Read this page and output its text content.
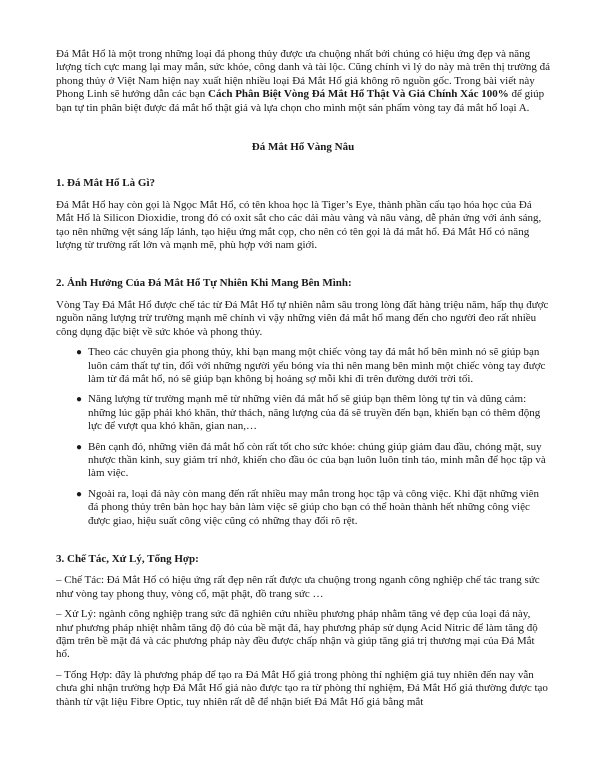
Đá Mắt Hổ là một trong những loại đá phong thủy được ưa chuộng nhất bởi chúng có hiệu ứng đẹp và năng lượng tích cực mang lại may mắn, sức khỏe, công danh và tài lộc. Cũng chính vì lý do này mà trên thị trường đá phong thủy ở Việt Nam hiện nay xuất hiện nhiều loại Đá Mắt Hổ giả không rõ nguồn gốc. Trong bài viết này Phong Linh sẽ hướng dẫn các bạn Cách Phân Biệt Vòng Đá Mắt Hổ Thật Và Giả Chính Xác 100% để giúp bạn tự tin phân biệt được đá mắt hổ thật giả và lựa chọn cho mình một sản phẩm vòng tay đá mắt hổ loại A.

Đá Mắt Hổ Vàng Nâu

1. Đá Mắt Hổ Là Gì?

Đá Mắt Hổ hay còn gọi là Ngọc Mắt Hổ, có tên khoa học là Tiger’s Eye, thành phần cấu tạo hóa học của Đá Mắt Hổ là Silicon Dioxidie, trong đó có oxit sắt cho các dải màu vàng và nâu vàng, dễ phản ứng với ánh sáng, tạo nên những vệt sáng lấp lánh, tạo hiệu ứng mắt cọp, cho nên có tên gọi là đá mắt hổ. Đá Mắt Hổ có năng lượng từ trường rất lớn và mạnh mẽ, phù hợp với nam giới.

2. Ảnh Hưởng Của Đá Mắt Hổ Tự Nhiên Khi Mang Bên Mình:

Vòng Tay Đá Mắt Hổ được chế tác từ Đá Mắt Hổ tự nhiên nằm sâu trong lòng đất hàng triệu năm, hấp thụ được nguồn năng lượng trừ trường mạnh mẽ chính vì vậy những viên đá mắt hổ mang đến cho người đeo rất nhiều công dụng đặc biệt về sức khỏe và phong thủy.

● Theo các chuyên gia phong thủy, khi bạn mang một chiếc vòng tay đá mắt hổ bên mình nó sẽ giúp bạn luôn cảm thất tự tin, đối với những người yếu bóng vía thì nên mang bên mình một chiếc vòng tay được làm từ đá mắt hổ, nó sẽ giúp bạn không bị hoảng sợ mỗi khi đi trên đường dưới trời tối.
● Năng lượng từ trường mạnh mẽ từ những viên đá mắt hổ sẽ giúp bạn thêm lòng tự tin và dũng cảm: những lúc gặp phải khó khăn, thử thách, năng lượng của đá sẽ truyền đến bạn, khiến bạn có thêm động lực để vượt qua khó khăn, gian nan,…
● Bên cạnh đó, những viên đá mắt hổ còn rất tốt cho sức khỏe: chúng giúp giảm đau đầu, chóng mặt, suy nhược thần kinh, suy giảm trí nhớ, khiến cho đầu óc của bạn luôn luôn tỉnh táo, minh mẫn để học tập và làm việc.
● Ngoài ra, loại đá này còn mang đến rất nhiều may mắn trong học tập và công việc. Khi đặt những viên đá phong thủy trên bàn học hay bàn làm việc sẽ giúp cho bạn có thể hoàn thành hết những công việc được giao, hiệu suất công việc cũng có những thay đổi rõ rệt.
3. Chế Tác, Xử Lý, Tổng Hợp:

– Chế Tác: Đá Mắt Hổ có hiệu ứng rất đẹp nên rất được ưa chuộng trong nganh công nghiệp chế tác trang sức như vòng tay phong thuy, vòng cổ, mặt phật, đồ trang sức …

– Xử Lý: ngành công nghiệp trang sức đã nghiên cứu nhiều phương pháp nhằm tăng vẻ đẹp của loại đá này, như phương pháp nhiệt nhằm tăng độ đỏ của bề mặt đá, hay phương pháp sử dụng Acid Nitric để làm tăng độ đậm trên bề mặt đá và các phương pháp này đều được chấp nhận và giúp tăng giá trị thương mại của Đá Mắt hổ.

– Tổng Hợp: đây là phương pháp để tạo ra Đá Mắt Hổ giả trong phòng thí nghiệm giả tuy nhiên đến nay vẫn chưa ghi nhận trường hợp Đá Mắt Hổ giả nào được tạo ra từ phòng thí nghiệm, Đá Mắt Hổ giả thường được tạo thành từ vật liệu Fibre Optic, tuy nhiên rất dễ để nhận biết Đá Mắt Hổ giả bằng mắt
